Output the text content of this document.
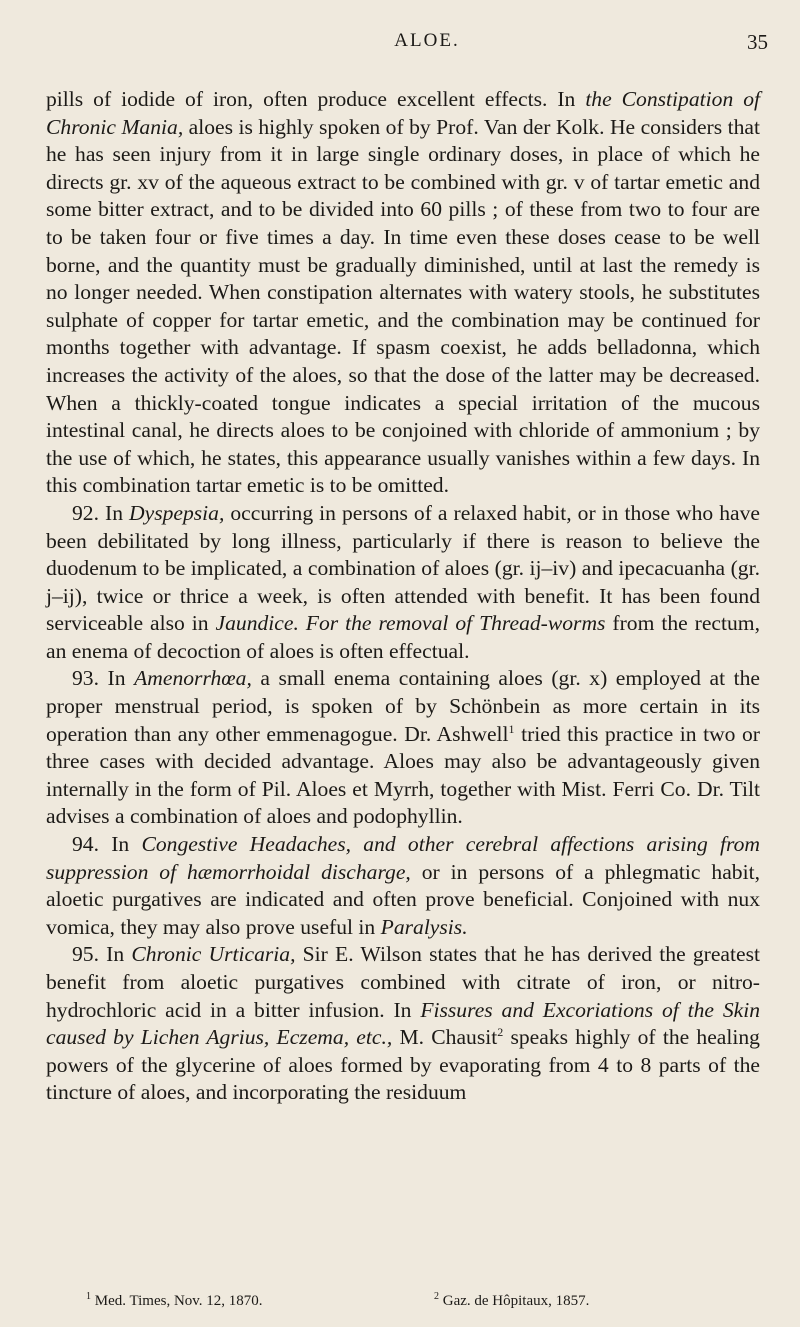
ALOE.	35

pills of iodide of iron, often produce excellent effects. In the Constipation of Chronic Mania, aloes is highly spoken of by Prof. Van der Kolk. He considers that he has seen injury from it in large single ordinary doses, in place of which he directs gr. xv of the aqueous extract to be combined with gr. v of tartar emetic and some bitter extract, and to be divided into 60 pills ; of these from two to four are to be taken four or five times a day. In time even these doses cease to be well borne, and the quantity must be gradually diminished, until at last the remedy is no longer needed. When constipation alternates with watery stools, he substitutes sulphate of copper for tartar emetic, and the combination may be continued for months together with advantage. If spasm coexist, he adds belladonna, which increases the activity of the aloes, so that the dose of the latter may be decreased. When a thickly-coated tongue indicates a special irritation of the mucous intestinal canal, he directs aloes to be conjoined with chloride of ammonium ; by the use of which, he states, this appearance usually vanishes within a few days. In this combination tartar emetic is to be omitted.

92. In Dyspepsia, occurring in persons of a relaxed habit, or in those who have been debilitated by long illness, particularly if there is reason to believe the duodenum to be implicated, a combination of aloes (gr. ij–iv) and ipecacuanha (gr. j–ij), twice or thrice a week, is often attended with benefit. It has been found serviceable also in Jaundice. For the removal of Thread-worms from the rectum, an enema of decoction of aloes is often effectual.

93. In Amenorrhœa, a small enema containing aloes (gr. x) employed at the proper menstrual period, is spoken of by Schönbein as more certain in its operation than any other emmenagogue. Dr. Ashwell$^1$ tried this practice in two or three cases with decided advantage. Aloes may also be advantageously given internally in the form of Pil. Aloes et Myrrh, together with Mist. Ferri Co. Dr. Tilt advises a combination of aloes and podophyllin.

94. In Congestive Headaches, and other cerebral affections arising from suppression of hæmorrhoidal discharge, or in persons of a phlegmatic habit, aloetic purgatives are indicated and often prove beneficial. Conjoined with nux vomica, they may also prove useful in Paralysis.

95. In Chronic Urticaria, Sir E. Wilson states that he has derived the greatest benefit from aloetic purgatives combined with citrate of iron, or nitro-hydrochloric acid in a bitter infusion. In Fissures and Excoriations of the Skin caused by Lichen Agrius, Eczema, etc., M. Chausit$^2$ speaks highly of the healing powers of the glycerine of aloes formed by evaporating from 4 to 8 parts of the tincture of aloes, and incorporating the residuum

$^1$ Med. Times, Nov. 12, 1870.	$^2$ Gaz. de Hôpitaux, 1857.
